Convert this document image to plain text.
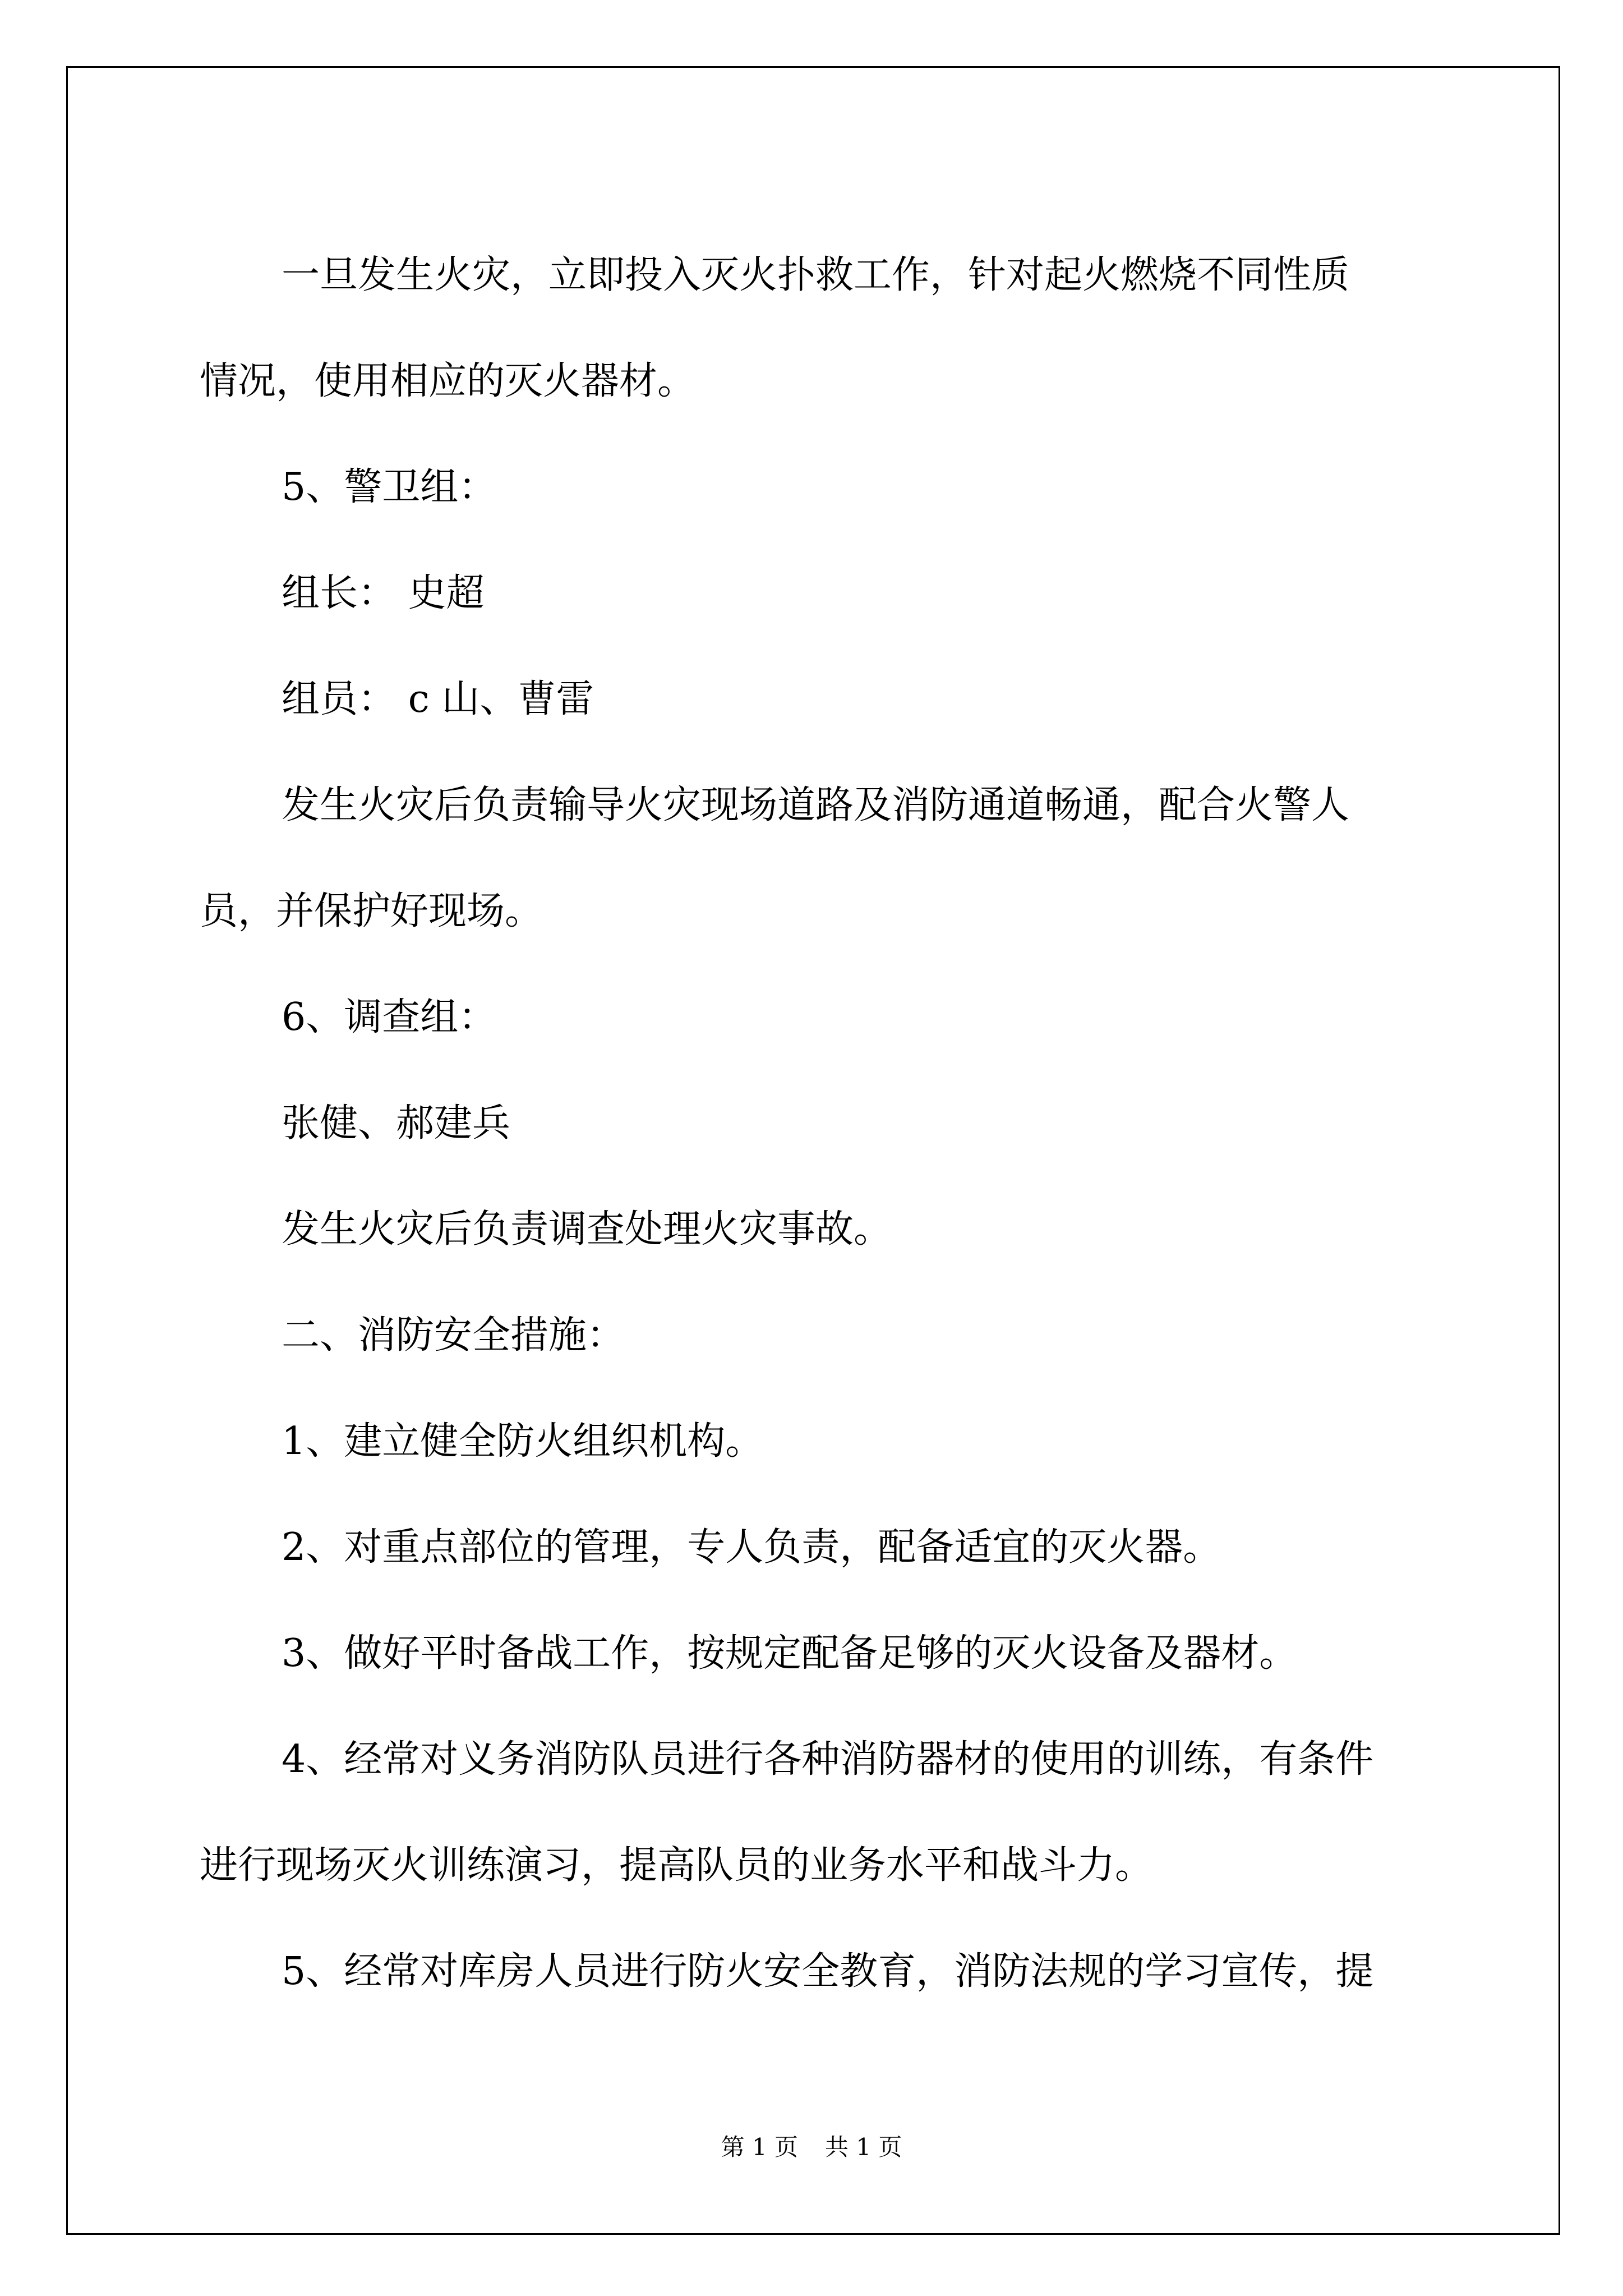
一旦发生火灾，立即投入灭火扑救工作，针对起火燃烧不同性质

情况，使用相应的灭火器材。

5、警卫组：

组长： 史超

组员： c 山、曹雷

发生火灾后负责输导火灾现场道路及消防通道畅通，配合火警人

员，并保护好现场。

6、调查组：

张健、郝建兵

发生火灾后负责调查处理火灾事故。

二、消防安全措施：

1、建立健全防火组织机构。

2、对重点部位的管理，专人负责，配备适宜的灭火器。

3、做好平时备战工作，按规定配备足够的灭火设备及器材。

4、经常对义务消防队员进行各种消防器材的使用的训练，有条件

进行现场灭火训练演习，提高队员的业务水平和战斗力。

5、经常对库房人员进行防火安全教育，消防法规的学习宣传，提

第 1 页 共 1 页
